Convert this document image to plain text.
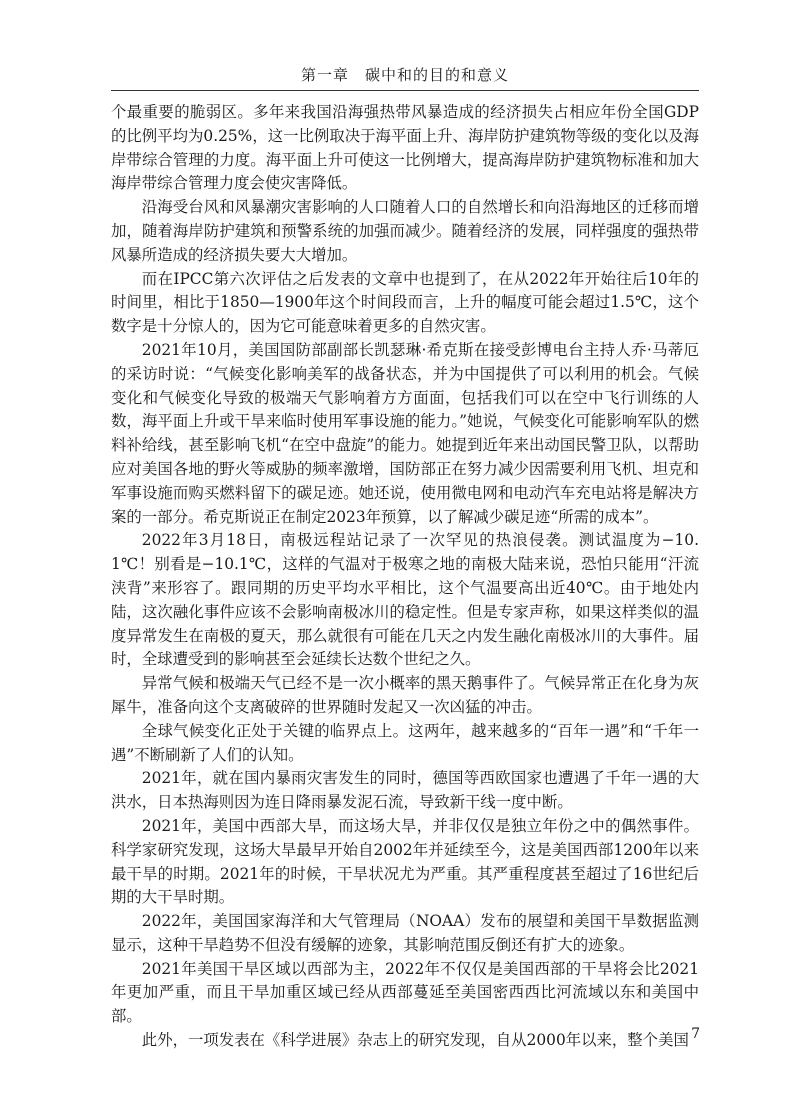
第一章　碳中和的目的和意义

个最重要的脆弱区。多年来我国沿海强热带风暴造成的经济损失占相应年份全国GDP的比例平均为0.25%，这一比例取决于海平面上升、海岸防护建筑物等级的变化以及海岸带综合管理的力度。海平面上升可使这一比例增大，提高海岸防护建筑物标准和加大海岸带综合管理力度会使灾害降低。

沿海受台风和风暴潮灾害影响的人口随着人口的自然增长和向沿海地区的迁移而增加，随着海岸防护建筑和预警系统的加强而减少。随着经济的发展，同样强度的强热带风暴所造成的经济损失要大大增加。

而在IPCC第六次评估之后发表的文章中也提到了，在从2022年开始往后10年的时间里，相比于1850—1900年这个时间段而言，上升的幅度可能会超过1.5℃，这个数字是十分惊人的，因为它可能意味着更多的自然灾害。

2021年10月，美国国防部副部长凯瑟琳·希克斯在接受彭博电台主持人乔·马蒂厄的采访时说：“气候变化影响美军的战备状态，并为中国提供了可以利用的机会。气候变化和气候变化导致的极端天气影响着方方面面，包括我们可以在空中飞行训练的人数，海平面上升或干旱来临时使用军事设施的能力。”她说，气候变化可能影响军队的燃料补给线，甚至影响飞机“在空中盘旋”的能力。她提到近年来出动国民警卫队，以帮助应对美国各地的野火等威胁的频率激增，国防部正在努力减少因需要利用飞机、坦克和军事设施而购买燃料留下的碳足迹。她还说，使用微电网和电动汽车充电站将是解决方案的一部分。希克斯说正在制定2023年预算，以了解减少碳足迹“所需的成本”。

2022年3月18日，南极远程站记录了一次罕见的热浪侵袭。测试温度为−10.1℃！别看是−10.1℃，这样的气温对于极寒之地的南极大陆来说，恐怕只能用“汗流浃背”来形容了。跟同期的历史平均水平相比，这个气温要高出近40℃。由于地处内陆，这次融化事件应该不会影响南极冰川的稳定性。但是专家声称，如果这样类似的温度异常发生在南极的夏天，那么就很有可能在几天之内发生融化南极冰川的大事件。届时，全球遭受到的影响甚至会延续长达数个世纪之久。

异常气候和极端天气已经不是一次小概率的黑天鹅事件了。气候异常正在化身为灰犀牛，准备向这个支离破碎的世界随时发起又一次凶猛的冲击。

全球气候变化正处于关键的临界点上。这两年，越来越多的“百年一遇”和“千年一遇”不断刷新了人们的认知。

2021年，就在国内暴雨灾害发生的同时，德国等西欧国家也遭遇了千年一遇的大洪水，日本热海则因为连日降雨暴发泥石流，导致新干线一度中断。

2021年，美国中西部大旱，而这场大旱，并非仅仅是独立年份之中的偶然事件。科学家研究发现，这场大旱最早开始自2002年并延续至今，这是美国西部1200年以来最干旱的时期。2021年的时候，干旱状况尤为严重。其严重程度甚至超过了16世纪后期的大干旱时期。

2022年，美国国家海洋和大气管理局（NOAA）发布的展望和美国干旱数据监测显示，这种干旱趋势不但没有缓解的迹象，其影响范围反倒还有扩大的迹象。

2021年美国干旱区域以西部为主，2022年不仅仅是美国西部的干旱将会比2021年更加严重，而且干旱加重区域已经从西部蔓延至美国密西西比河流域以东和美国中部。

此外，一项发表在《科学进展》杂志上的研究发现，自从2000年以来，整个美国 7
